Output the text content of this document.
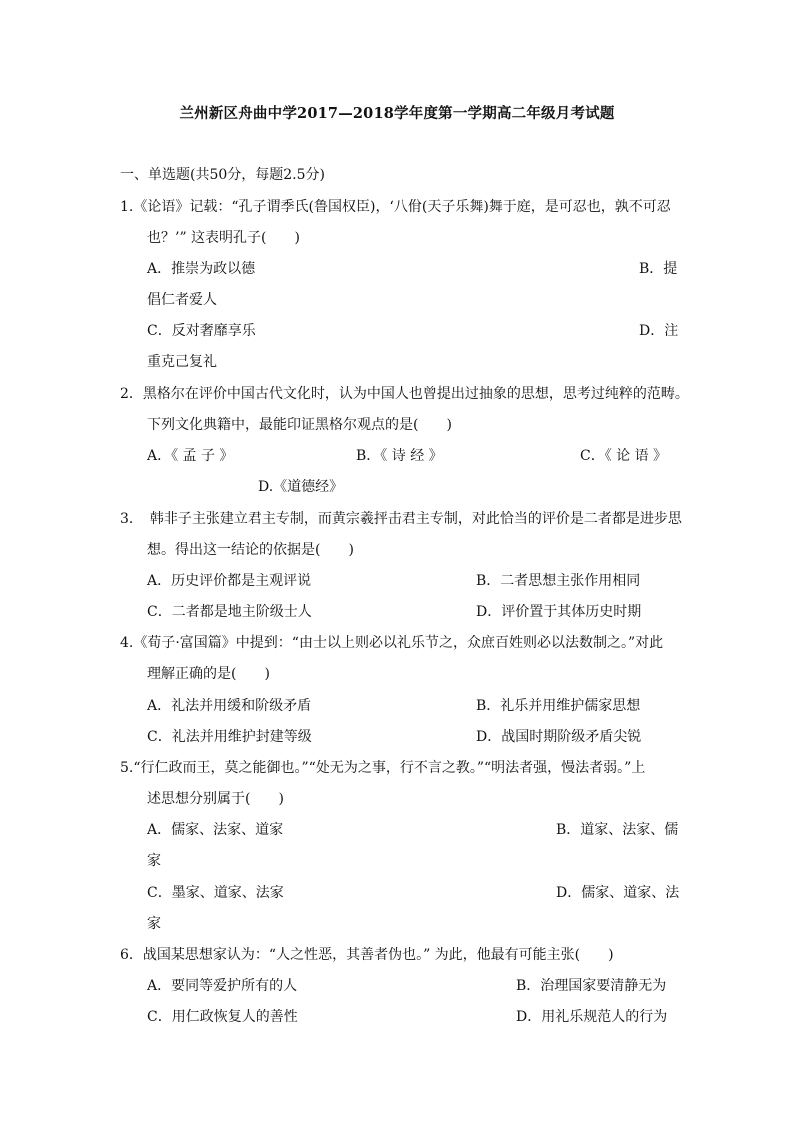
兰州新区舟曲中学2017—2018学年度第一学期高二年级月考试题
一、单选题(共50分，每题2.5分)
1.《论语》记载：“孔子谓季氏(鲁国权臣)，‘八佾(天子乐舞)舞于庭，是可忍也，孰不可忍
也？’” 这表明孔子(　　)
A．推崇为政以德	B．提
倡仁者爱人
C．反对奢靡享乐	D．注
重克己复礼
2．黑格尔在评价中国古代文化时，认为中国人也曾提出过抽象的思想，思考过纯粹的范畴。
下列文化典籍中，最能印证黑格尔观点的是(　　)
A．《 孟 子 》	B．《 诗 经 》	C．《 论 语 》
D.《道德经》
3．　韩非子主张建立君主专制，而黄宗羲抨击君主专制，对此恰当的评价是二者都是进步思
想。得出这一结论的依据是(　　)
A．历史评价都是主观评说	B．二者思想主张作用相同
C．二者都是地主阶级士人	D．评价置于其体历史时期
4.《荀子·富国篇》中提到：“由士以上则必以礼乐节之，众庶百姓则必以法数制之。”对此
理解正确的是(　　)
A．礼法并用缓和阶级矛盾	B．礼乐并用维护儒家思想
C．礼法并用维护封建等级	D．战国时期阶级矛盾尖锐
5.“行仁政而王，莫之能御也。”“处无为之事，行不言之教。”“明法者强，慢法者弱。”上
述思想分别属于(　　)
A．儒家、法家、道家	B．道家、法家、儒
家
C．墨家、道家、法家	D．儒家、道家、法
家
6．战国某思想家认为：“人之性恶，其善者伪也。” 为此，他最有可能主张(　　)
A．要同等爱护所有的人	B．治理国家要清静无为
C．用仁政恢复人的善性	D．用礼乐规范人的行为
